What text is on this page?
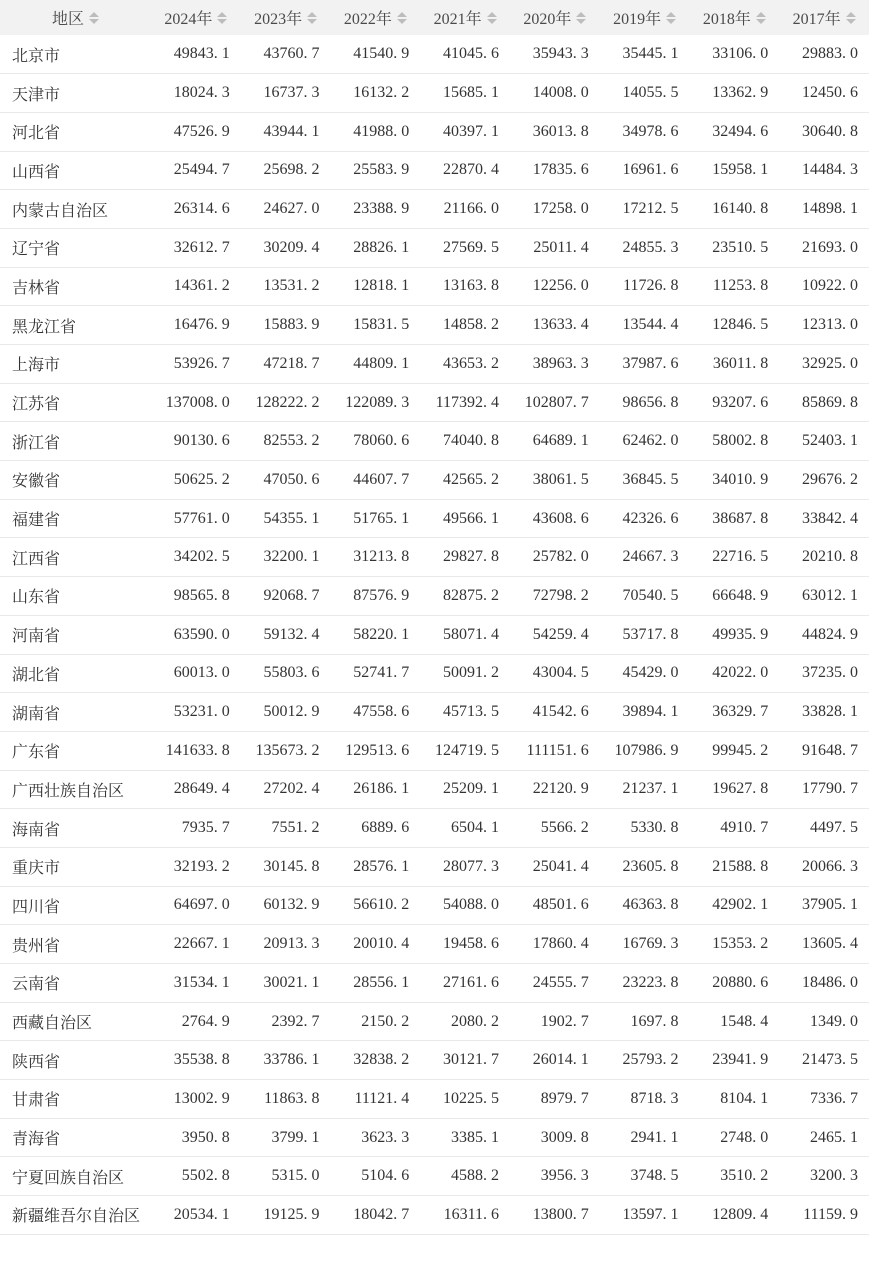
地区	2024年	2023年	2022年	2021年	2020年	2019年	2018年	2017年

北京市	49843. 1	43760. 7	41540. 9	41045. 6	35943. 3	35445. 1	33106. 0	29883. 0
天津市	18024. 3	16737. 3	16132. 2	15685. 1	14008. 0	14055. 5	13362. 9	12450. 6
河北省	47526. 9	43944. 1	41988. 0	40397. 1	36013. 8	34978. 6	32494. 6	30640. 8
山西省	25494. 7	25698. 2	25583. 9	22870. 4	17835. 6	16961. 6	15958. 1	14484. 3
内蒙古自治区	26314. 6	24627. 0	23388. 9	21166. 0	17258. 0	17212. 5	16140. 8	14898. 1
辽宁省	32612. 7	30209. 4	28826. 1	27569. 5	25011. 4	24855. 3	23510. 5	21693. 0
吉林省	14361. 2	13531. 2	12818. 1	13163. 8	12256. 0	11726. 8	11253. 8	10922. 0
黑龙江省	16476. 9	15883. 9	15831. 5	14858. 2	13633. 4	13544. 4	12846. 5	12313. 0
上海市	53926. 7	47218. 7	44809. 1	43653. 2	38963. 3	37987. 6	36011. 8	32925. 0
江苏省	137008. 0	128222. 2	122089. 3	117392. 4	102807. 7	98656. 8	93207. 6	85869. 8
浙江省	90130. 6	82553. 2	78060. 6	74040. 8	64689. 1	62462. 0	58002. 8	52403. 1
安徽省	50625. 2	47050. 6	44607. 7	42565. 2	38061. 5	36845. 5	34010. 9	29676. 2
福建省	57761. 0	54355. 1	51765. 1	49566. 1	43608. 6	42326. 6	38687. 8	33842. 4
江西省	34202. 5	32200. 1	31213. 8	29827. 8	25782. 0	24667. 3	22716. 5	20210. 8
山东省	98565. 8	92068. 7	87576. 9	82875. 2	72798. 2	70540. 5	66648. 9	63012. 1
河南省	63590. 0	59132. 4	58220. 1	58071. 4	54259. 4	53717. 8	49935. 9	44824. 9
湖北省	60013. 0	55803. 6	52741. 7	50091. 2	43004. 5	45429. 0	42022. 0	37235. 0
湖南省	53231. 0	50012. 9	47558. 6	45713. 5	41542. 6	39894. 1	36329. 7	33828. 1
广东省	141633. 8	135673. 2	129513. 6	124719. 5	111151. 6	107986. 9	99945. 2	91648. 7
广西壮族自治区	28649. 4	27202. 4	26186. 1	25209. 1	22120. 9	21237. 1	19627. 8	17790. 7
海南省	7935. 7	7551. 2	6889. 6	6504. 1	5566. 2	5330. 8	4910. 7	4497. 5
重庆市	32193. 2	30145. 8	28576. 1	28077. 3	25041. 4	23605. 8	21588. 8	20066. 3
四川省	64697. 0	60132. 9	56610. 2	54088. 0	48501. 6	46363. 8	42902. 1	37905. 1
贵州省	22667. 1	20913. 3	20010. 4	19458. 6	17860. 4	16769. 3	15353. 2	13605. 4
云南省	31534. 1	30021. 1	28556. 1	27161. 6	24555. 7	23223. 8	20880. 6	18486. 0
西藏自治区	2764. 9	2392. 7	2150. 2	2080. 2	1902. 7	1697. 8	1548. 4	1349. 0
陕西省	35538. 8	33786. 1	32838. 2	30121. 7	26014. 1	25793. 2	23941. 9	21473. 5
甘肃省	13002. 9	11863. 8	11121. 4	10225. 5	8979. 7	8718. 3	8104. 1	7336. 7
青海省	3950. 8	3799. 1	3623. 3	3385. 1	3009. 8	2941. 1	2748. 0	2465. 1
宁夏回族自治区	5502. 8	5315. 0	5104. 6	4588. 2	3956. 3	3748. 5	3510. 2	3200. 3
新疆维吾尔自治区	20534. 1	19125. 9	18042. 7	16311. 6	13800. 7	13597. 1	12809. 4	11159. 9
